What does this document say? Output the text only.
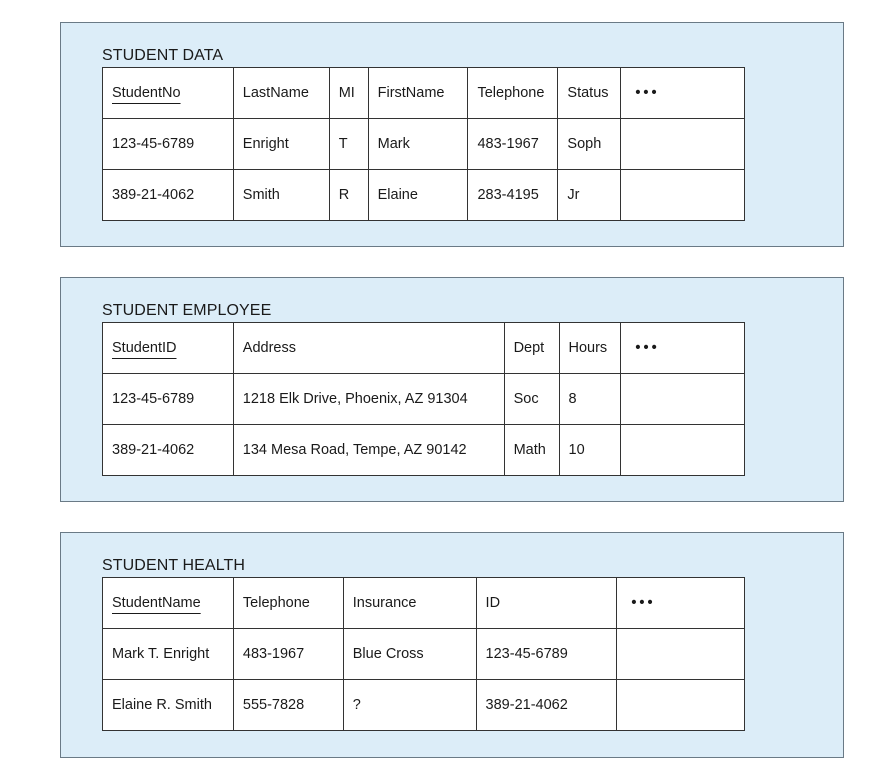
STUDENT DATA
StudentNo	LastName	MI	FirstName	Telephone	Status	•••
123-45-6789	Enright	T	Mark	483-1967	Soph	
389-21-4062	Smith	R	Elaine	283-4195	Jr	
STUDENT EMPLOYEE
StudentID	Address	Dept	Hours	•••
123-45-6789	1218 Elk Drive, Phoenix, AZ 91304	Soc	8	
389-21-4062	134 Mesa Road, Tempe, AZ 90142	Math	10	
STUDENT HEALTH
StudentName	Telephone	Insurance	ID	•••
Mark T. Enright	483-1967	Blue Cross	123-45-6789	
Elaine R. Smith	555-7828	?	389-21-4062	
